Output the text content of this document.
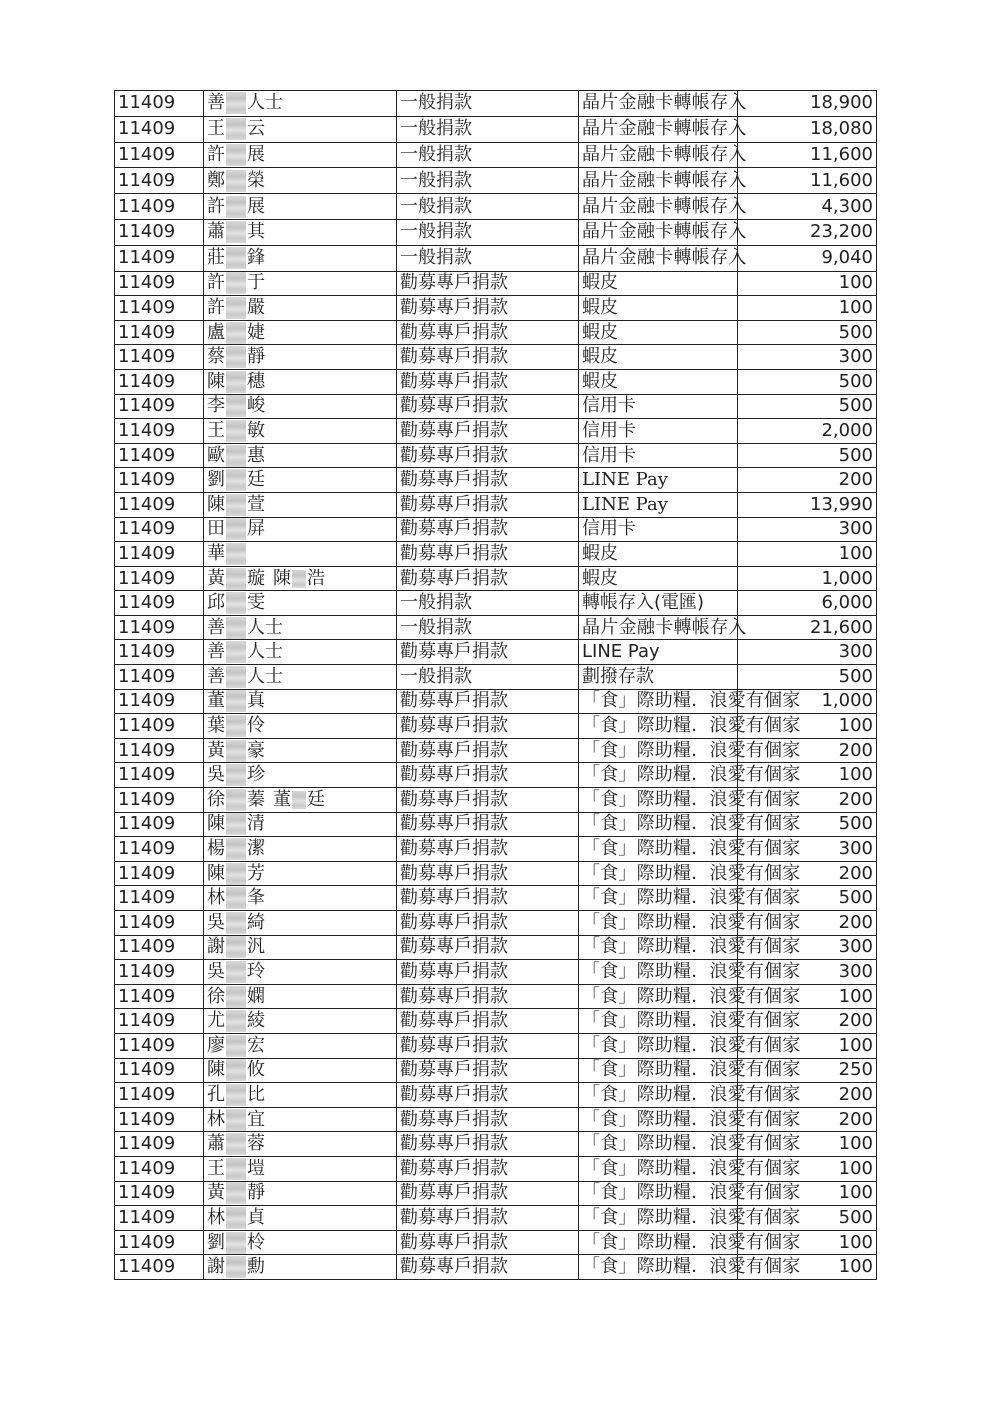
11409	善 人士	一般捐款	晶片金融卡轉帳存入	18,900
11409	王 云	一般捐款	晶片金融卡轉帳存入	18,080
11409	許 展	一般捐款	晶片金融卡轉帳存入	11,600
11409	鄭 榮	一般捐款	晶片金融卡轉帳存入	11,600
11409	許 展	一般捐款	晶片金融卡轉帳存入	4,300
11409	蕭 其	一般捐款	晶片金融卡轉帳存入	23,200
11409	莊 鋒	一般捐款	晶片金融卡轉帳存入	9,040
11409	許 于	勸募專戶捐款	蝦皮	100
11409	許 嚴	勸募專戶捐款	蝦皮	100
11409	盧 婕	勸募專戶捐款	蝦皮	500
11409	蔡 靜	勸募專戶捐款	蝦皮	300
11409	陳 穗	勸募專戶捐款	蝦皮	500
11409	李 峻	勸募專戶捐款	信用卡	500
11409	王 敏	勸募專戶捐款	信用卡	2,000
11409	歐 惠	勸募專戶捐款	信用卡	500
11409	劉 廷	勸募專戶捐款	LINE Pay	200
11409	陳 萱	勸募專戶捐款	LINE Pay	13,990
11409	田 屏	勸募專戶捐款	信用卡	300
11409	華	勸募專戶捐款	蝦皮	100
11409	黃 璇 陳 浩	勸募專戶捐款	蝦皮	1,000
11409	邱 雯	一般捐款	轉帳存入(電匯)	6,000
11409	善 人士	一般捐款	晶片金融卡轉帳存入	21,600
11409	善 人士	勸募專戶捐款	LINE Pay	300
11409	善 人士	一般捐款	劃撥存款	500
11409	董 真	勸募專戶捐款	「食」際助糧．浪愛有個家	1,000
11409	葉 伶	勸募專戶捐款	「食」際助糧．浪愛有個家	100
11409	黃 豪	勸募專戶捐款	「食」際助糧．浪愛有個家	200
11409	吳 珍	勸募專戶捐款	「食」際助糧．浪愛有個家	100
11409	徐 蓁 董 廷	勸募專戶捐款	「食」際助糧．浪愛有個家	200
11409	陳 清	勸募專戶捐款	「食」際助糧．浪愛有個家	500
11409	楊 潔	勸募專戶捐款	「食」際助糧．浪愛有個家	300
11409	陳 芳	勸募專戶捐款	「食」際助糧．浪愛有個家	200
11409	林 夆	勸募專戶捐款	「食」際助糧．浪愛有個家	500
11409	吳 綺	勸募專戶捐款	「食」際助糧．浪愛有個家	200
11409	謝 汎	勸募專戶捐款	「食」際助糧．浪愛有個家	300
11409	吳 玲	勸募專戶捐款	「食」際助糧．浪愛有個家	300
11409	徐 嫻	勸募專戶捐款	「食」際助糧．浪愛有個家	100
11409	尤 綾	勸募專戶捐款	「食」際助糧．浪愛有個家	200
11409	廖 宏	勸募專戶捐款	「食」際助糧．浪愛有個家	100
11409	陳 攸	勸募專戶捐款	「食」際助糧．浪愛有個家	250
11409	孔 比	勸募專戶捐款	「食」際助糧．浪愛有個家	200
11409	林 宜	勸募專戶捐款	「食」際助糧．浪愛有個家	200
11409	蕭 蓉	勸募專戶捐款	「食」際助糧．浪愛有個家	100
11409	王 塏	勸募專戶捐款	「食」際助糧．浪愛有個家	100
11409	黃 靜	勸募專戶捐款	「食」際助糧．浪愛有個家	100
11409	林 貞	勸募專戶捐款	「食」際助糧．浪愛有個家	500
11409	劉 柃	勸募專戶捐款	「食」際助糧．浪愛有個家	100
11409	謝 勳	勸募專戶捐款	「食」際助糧．浪愛有個家	100
